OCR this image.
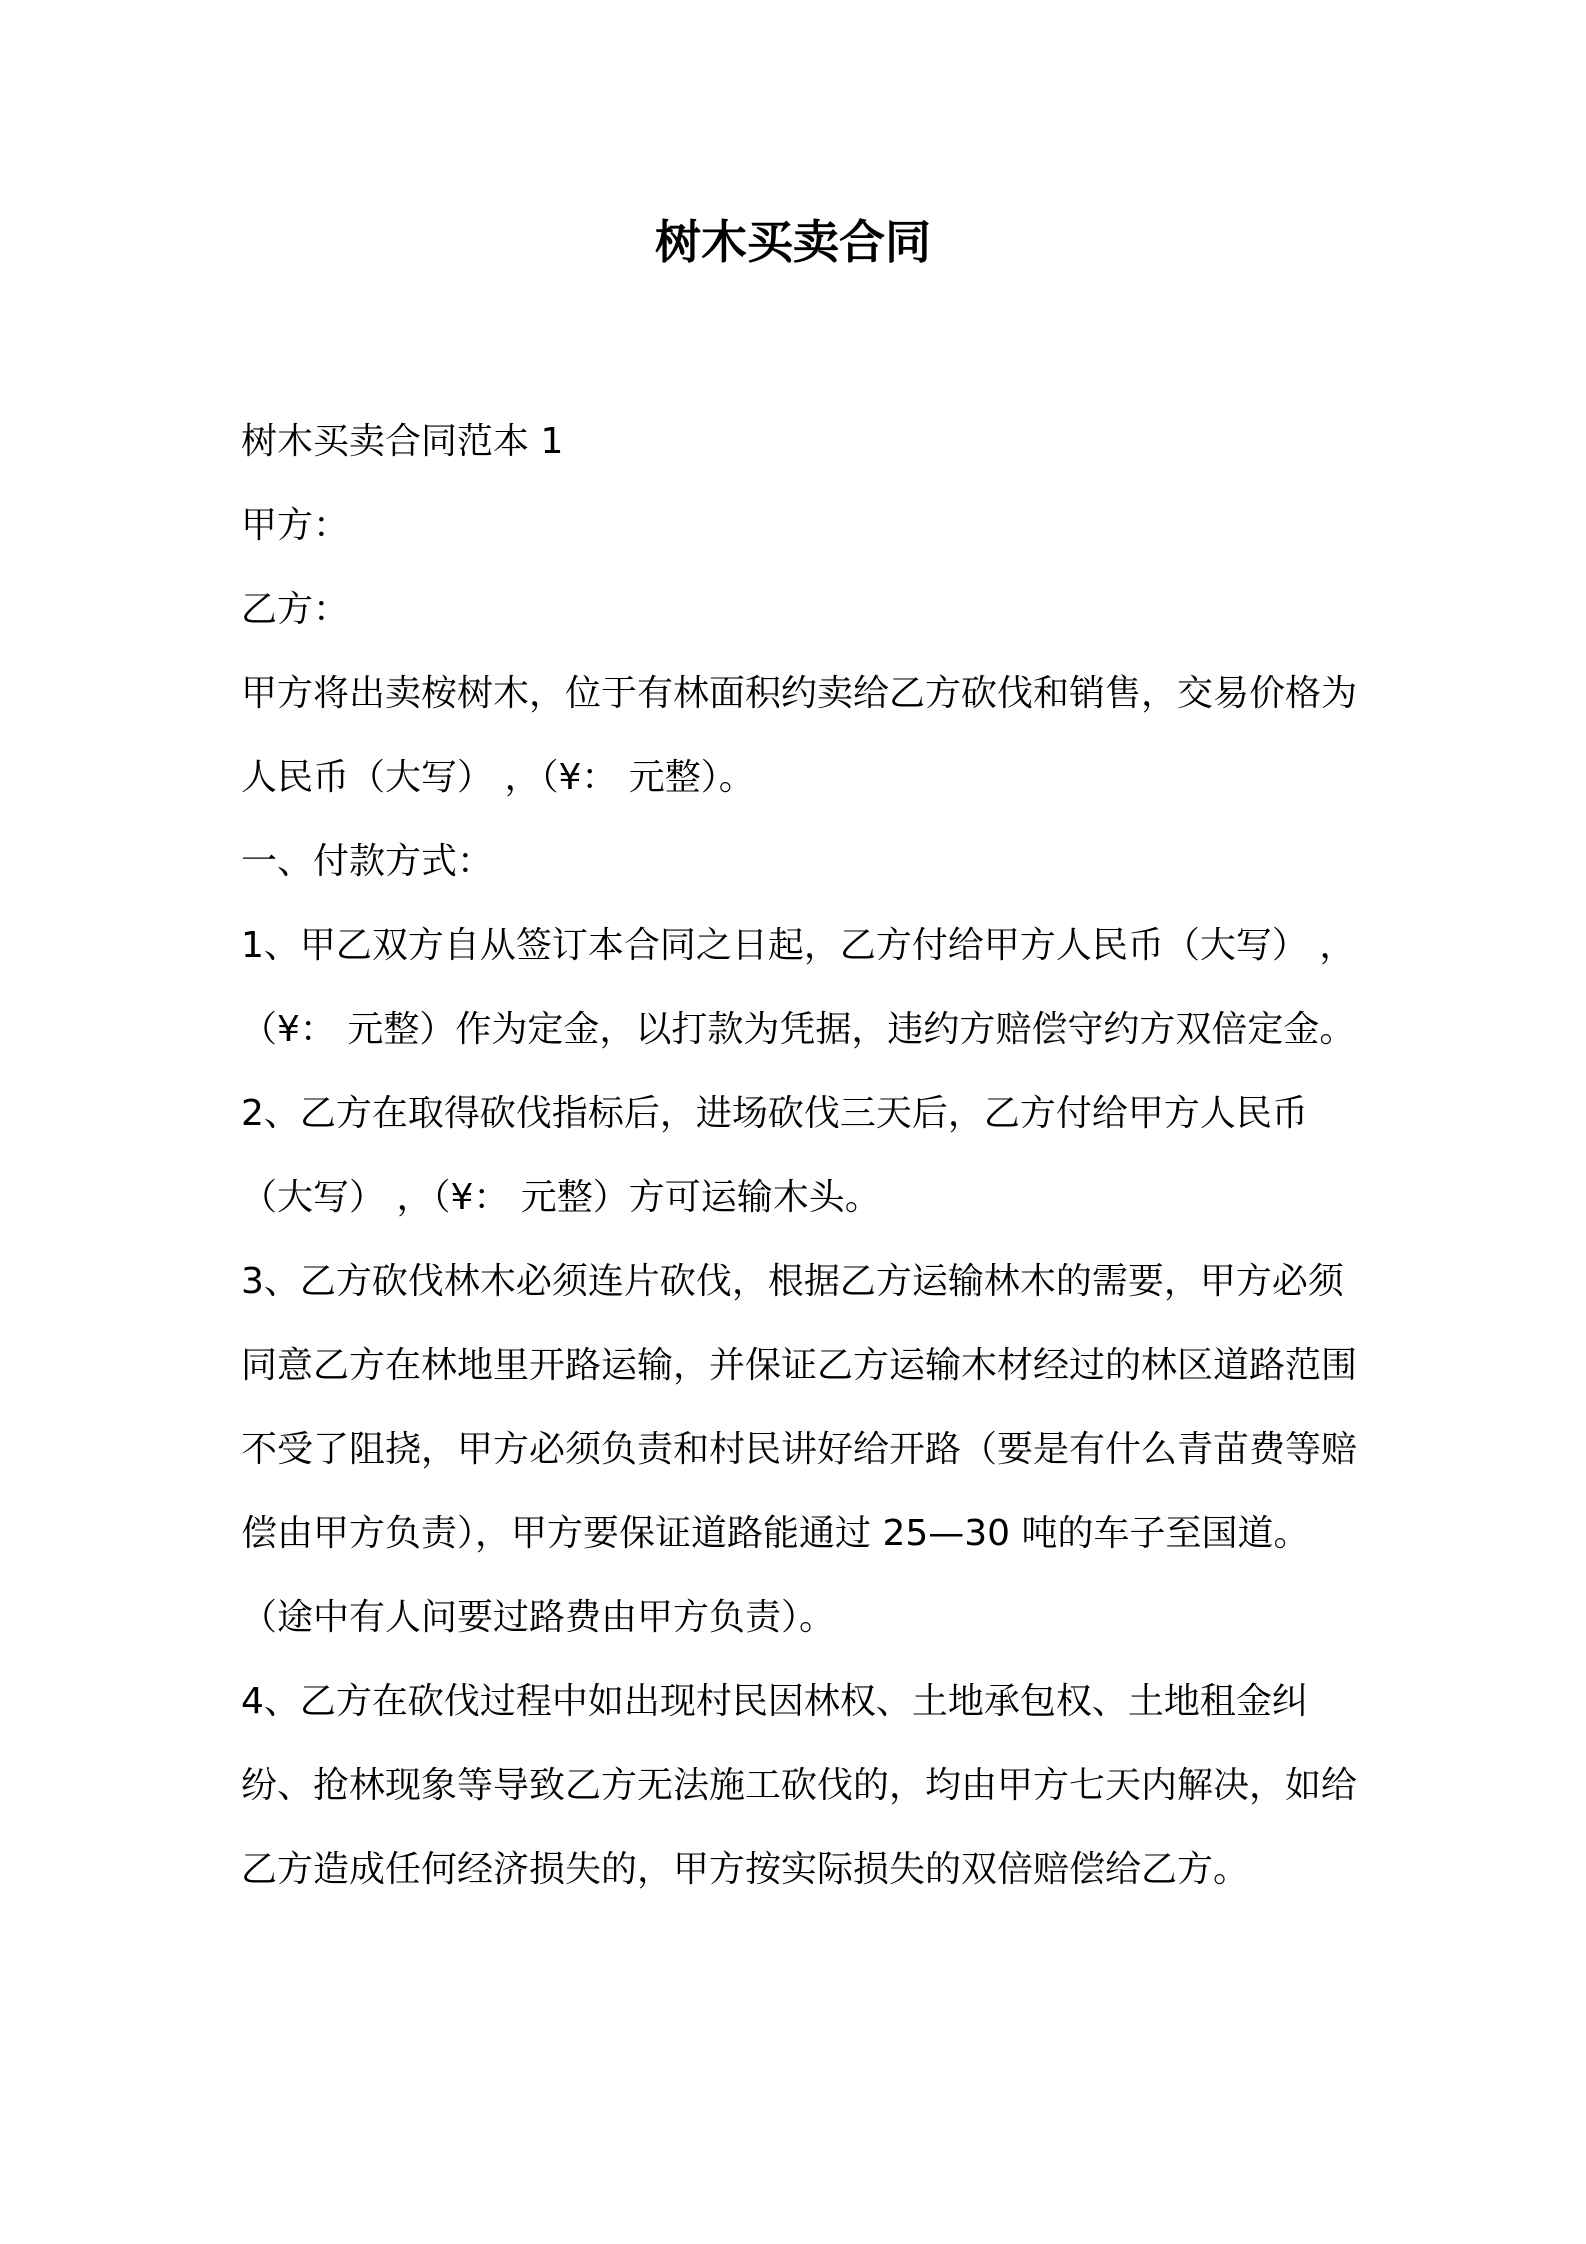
树木买卖合同

树木买卖合同范本 1

甲方：

乙方：

甲方将出卖桉树木，位于有林面积约卖给乙方砍伐和销售，交易价格为人民币（大写） ，（¥： 元整）。

一、付款方式：

1、甲乙双方自从签订本合同之日起，乙方付给甲方人民币（大写） ，（¥： 元整）作为定金，以打款为凭据，违约方赔偿守约方双倍定金。

2、乙方在取得砍伐指标后，进场砍伐三天后，乙方付给甲方人民币（大写） ，（¥： 元整）方可运输木头。

3、乙方砍伐林木必须连片砍伐，根据乙方运输林木的需要，甲方必须同意乙方在林地里开路运输，并保证乙方运输木材经过的林区道路范围不受了阻挠，甲方必须负责和村民讲好给开路（要是有什么青苗费等赔偿由甲方负责），甲方要保证道路能通过 25—30 吨的车子至国道。（途中有人问要过路费由甲方负责）。

4、乙方在砍伐过程中如出现村民因林权、土地承包权、土地租金纠纷、抢林现象等导致乙方无法施工砍伐的，均由甲方七天内解决，如给乙方造成任何经济损失的，甲方按实际损失的双倍赔偿给乙方。
